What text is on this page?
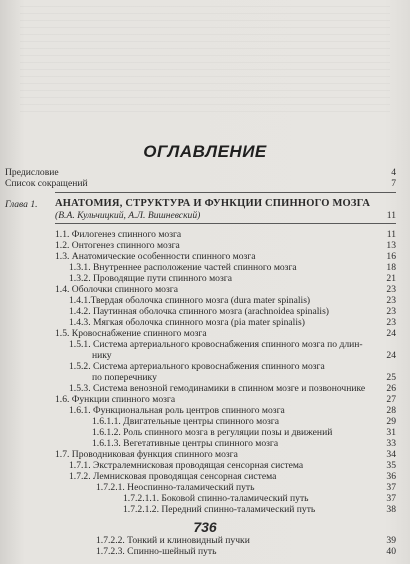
ОГЛАВЛЕНИЕ
Предисловие	4
Список сокращений	7
Глава 1. АНАТОМИЯ, СТРУКТУРА И ФУНКЦИИ СПИННОГО МОЗГА
(В.А. Кульчицкий, А.Л. Вишневский)	11
1.1. Филогенез спинного мозга	11
1.2. Онтогенез спинного мозга	13
1.3. Анатомические особенности спинного мозга	16
1.3.1. Внутреннее расположение частей спинного мозга	18
1.3.2. Проводящие пути спинного мозга	21
1.4. Оболочки спинного мозга	23
1.4.1.Твердая оболочка спинного мозга (dura mater spinalis)	23
1.4.2. Паутинная оболочка спинного мозга (arachnoidea spinalis)	23
1.4.3. Мягкая оболочка спинного мозга (pia mater spinalis)	23
1.5. Кровоснабжение спинного мозга	24
1.5.1. Система артериального кровоснабжения спинного мозга по длин-
нику	24
1.5.2. Система артериального кровоснабжения спинного мозга
по поперечнику	25
1.5.3. Система венозной гемодинамики в спинном мозге и позвоночнике 26
1.6. Функции спинного мозга	27
1.6.1. Функциональная роль центров спинного мозга	28
1.6.1.1. Двигательные центры спинного мозга	29
1.6.1.2. Роль спинного мозга в регуляции позы и движений	31
1.6.1.3. Вегетативные центры спинного мозга	33
1.7. Проводниковая функция спинного мозга	34
1.7.1. Экстралемнисковая проводящая сенсорная система	35
1.7.2. Лемнисковая проводящая сенсорная система	36
1.7.2.1. Неоспинно-таламический путь	37
1.7.2.1.1. Боковой спинно-таламический путь	37
1.7.2.1.2. Передний спинно-таламический путь	38
736
1.7.2.2. Тонкий и клиновидный пучки	39
1.7.2.3. Спинно-шейный путь	40
